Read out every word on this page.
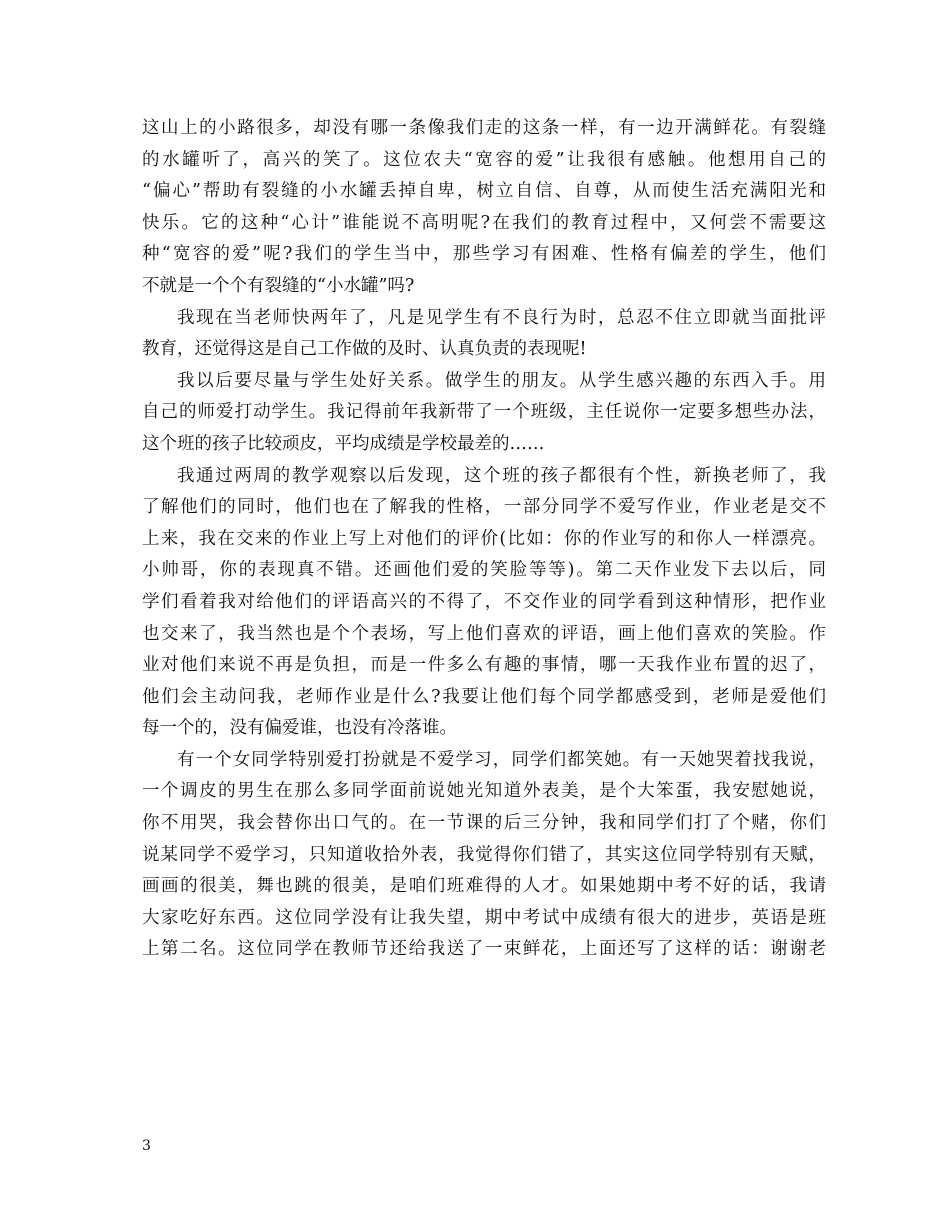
这山上的小路很多，却没有哪一条像我们走的这条一样，有一边开满鲜花。有裂缝
的水罐听了，高兴的笑了。这位农夫“宽容的爱”让我很有感触。他想用自己的
“偏心”帮助有裂缝的小水罐丢掉自卑，树立自信、自尊，从而使生活充满阳光和
快乐。它的这种“心计”谁能说不高明呢?在我们的教育过程中，又何尝不需要这
种“宽容的爱”呢?我们的学生当中，那些学习有困难、性格有偏差的学生，他们
不就是一个个有裂缝的“小水罐”吗?
我现在当老师快两年了，凡是见学生有不良行为时，总忍不住立即就当面批评
教育，还觉得这是自己工作做的及时、认真负责的表现呢!
我以后要尽量与学生处好关系。做学生的朋友。从学生感兴趣的东西入手。用
自己的师爱打动学生。我记得前年我新带了一个班级，主任说你一定要多想些办法，
这个班的孩子比较顽皮，平均成绩是学校最差的……
我通过两周的教学观察以后发现，这个班的孩子都很有个性，新换老师了，我
了解他们的同时，他们也在了解我的性格，一部分同学不爱写作业，作业老是交不
上来，我在交来的作业上写上对他们的评价(比如：你的作业写的和你人一样漂亮。
小帅哥，你的表现真不错。还画他们爱的笑脸等等)。第二天作业发下去以后，同
学们看着我对给他们的评语高兴的不得了，不交作业的同学看到这种情形，把作业
也交来了，我当然也是个个表场，写上他们喜欢的评语，画上他们喜欢的笑脸。作
业对他们来说不再是负担，而是一件多么有趣的事情，哪一天我作业布置的迟了，
他们会主动问我，老师作业是什么?我要让他们每个同学都感受到，老师是爱他们
每一个的，没有偏爱谁，也没有冷落谁。
有一个女同学特别爱打扮就是不爱学习，同学们都笑她。有一天她哭着找我说，
一个调皮的男生在那么多同学面前说她光知道外表美，是个大笨蛋，我安慰她说，
你不用哭，我会替你出口气的。在一节课的后三分钟，我和同学们打了个赌，你们
说某同学不爱学习，只知道收拾外表，我觉得你们错了，其实这位同学特别有天赋，
画画的很美，舞也跳的很美，是咱们班难得的人才。如果她期中考不好的话，我请
大家吃好东西。这位同学没有让我失望，期中考试中成绩有很大的进步，英语是班
上第二名。这位同学在教师节还给我送了一束鲜花，上面还写了这样的话：谢谢老
3
